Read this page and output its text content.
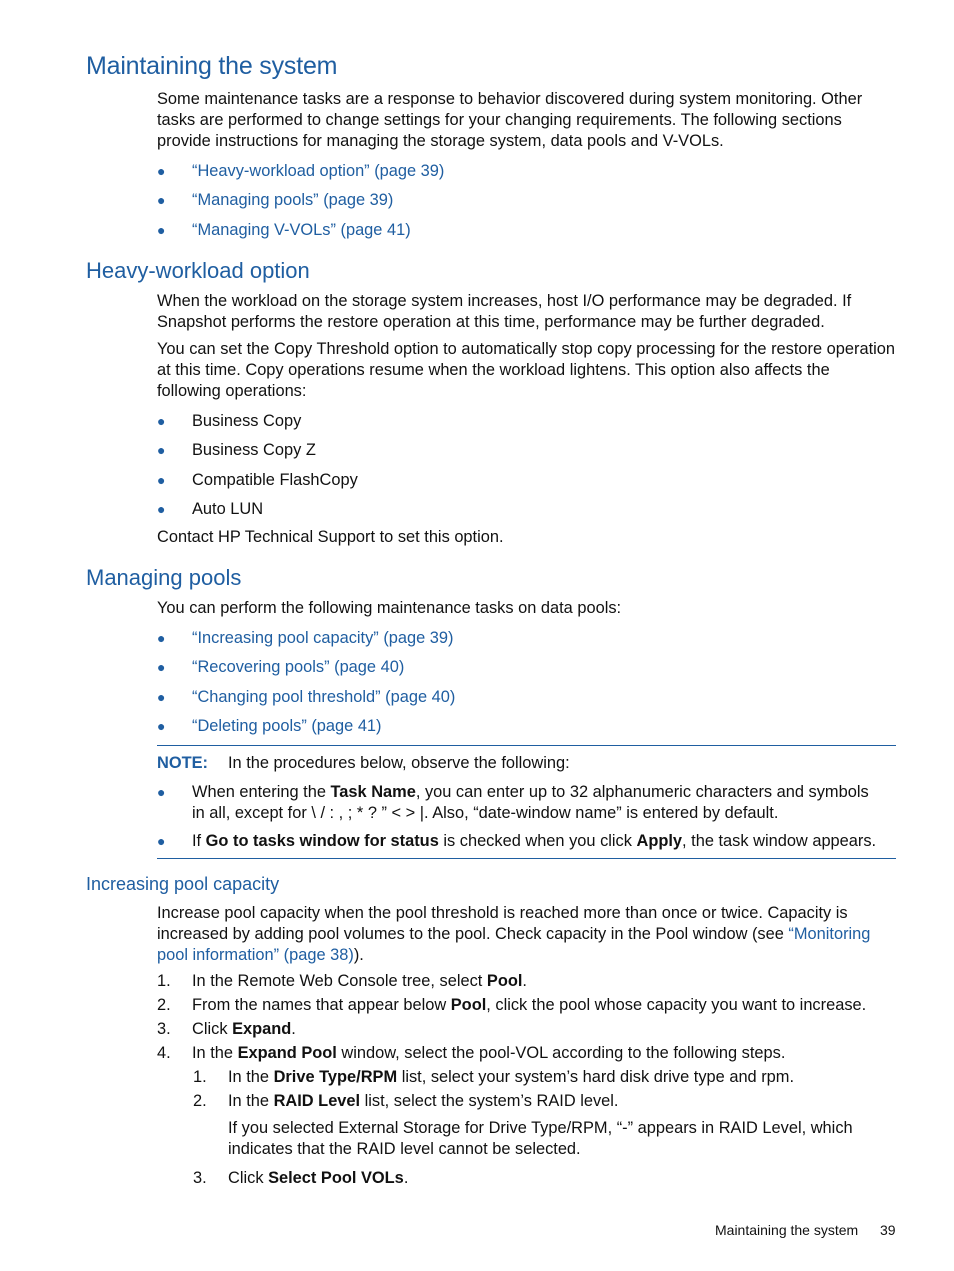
Maintaining the system

Some maintenance tasks are a response to behavior discovered during system monitoring. Other tasks are performed to change settings for your changing requirements. The following sections provide instructions for managing the storage system, data pools and V-VOLs.

● “Heavy-workload option” (page 39)
● “Managing pools” (page 39)
● “Managing V-VOLs” (page 41)
Heavy-workload option

When the workload on the storage system increases, host I/O performance may be degraded. If Snapshot performs the restore operation at this time, performance may be further degraded.

You can set the Copy Threshold option to automatically stop copy processing for the restore operation at this time. Copy operations resume when the workload lightens. This option also affects the following operations:

● Business Copy
● Business Copy Z
● Compatible FlashCopy
● Auto LUN

Contact HP Technical Support to set this option.

Managing pools

You can perform the following maintenance tasks on data pools:

● “Increasing pool capacity” (page 39)
● “Recovering pools” (page 40)
● “Changing pool threshold” (page 40)
● “Deleting pools” (page 41)
NOTE: In the procedures below, observe the following:
● When entering the Task Name, you can enter up to 32 alphanumeric characters and symbols
in all, except for \ / : , ; * ? ” < > |. Also, “date-window name” is entered by default.
● If Go to tasks window for status is checked when you click Apply, the task window appears.
Increasing pool capacity
Increase pool capacity when the pool threshold is reached more than once or twice. Capacity is
increased by adding pool volumes to the pool. Check capacity in the Pool window (see “Monitoring
pool information” (page 38)).
1. In the Remote Web Console tree, select Pool.
2. From the names that appear below Pool, click the pool whose capacity you want to increase.
3. Click Expand.
4. In the Expand Pool window, select the pool-VOL according to the following steps.
1. In the Drive Type/RPM list, select your system’s hard disk drive type and rpm.
2. In the RAID Level list, select the system’s RAID level.

If you selected External Storage for Drive Type/RPM, “-” appears in RAID Level, which indicates that the RAID level cannot be selected.

3. Click Select Pool VOLs.
Maintaining the system 39
